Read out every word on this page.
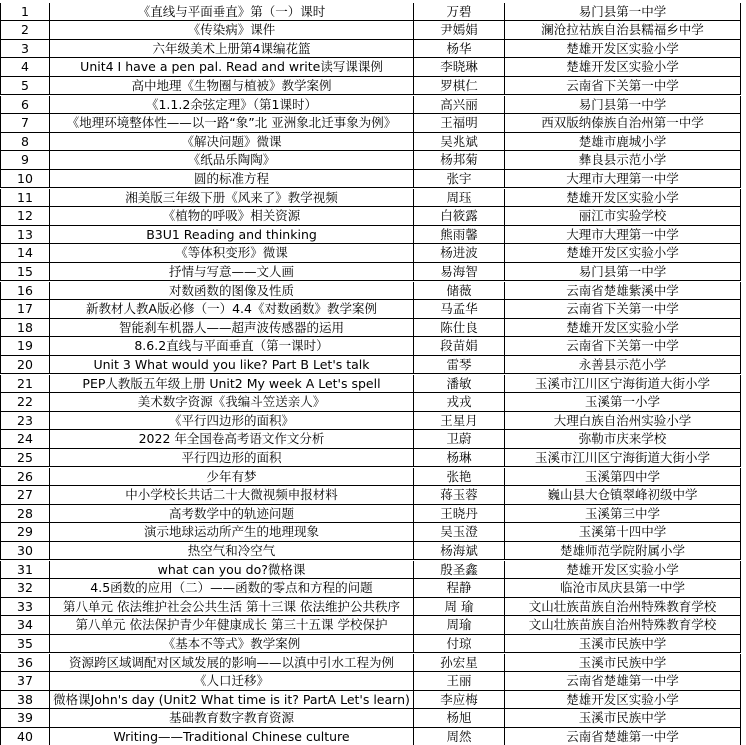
1	《直线与平面垂直》第（一）课时	万碧	易门县第一中学
2	《传染病》课件	尹嫣娟	澜沧拉祜族自治县糯福乡中学
3	六年级美术上册第4课编花篮	杨华	楚雄开发区实验小学
4	Unit4 I have a pen pal. Read and write读写课课例	李晓琳	楚雄开发区实验小学
5	高中地理《生物圈与植被》教学案例	罗棋仁	云南省下关第一中学
6	《1.1.2余弦定理》（第1课时）	高兴丽	易门县第一中学
7	《地理环境整体性——以一路“象”北 亚洲象北迁事象为例》	王福明	西双版纳傣族自治州第一中学
8	《解决问题》微课	吴兆斌	楚雄市鹿城小学
9	《纸品乐陶陶》	杨邦菊	彝良县示范小学
10	圆的标准方程	张宇	大理市大理第一中学
11	湘美版三年级下册《风来了》教学视频	周珏	楚雄开发区实验小学
12	《植物的呼吸》相关资源	白筱露	丽江市实验学校
13	B3U1 Reading and thinking	熊雨馨	大理市大理第一中学
14	《等体积变形》微课	杨进波	楚雄开发区实验小学
15	抒情与写意——文人画	易海智	易门县第一中学
16	对数函数的图像及性质	储薇	云南省楚雄紫溪中学
17	新教材人教A版必修（一）4.4《对数函数》教学案例	马孟华	云南省下关第一中学
18	智能刹车机器人——超声波传感器的运用	陈仕良	楚雄开发区实验小学
19	8.6.2直线与平面垂直（第一课时）	段苗娟	云南省下关第一中学
20	Unit 3 What would you like? Part B Let's talk	雷琴	永善县示范小学
21	PEP人教版五年级上册 Unit2 My week A Let's spell	潘敏	玉溪市江川区宁海街道大街小学
22	美术数字资源《我编斗笠送亲人》	戎戎	玉溪第一小学
23	《平行四边形的面积》	王星月	大理白族自治州实验小学
24	2022 年全国卷高考语文作文分析	卫蔚	弥勒市庆来学校
25	平行四边形的面积	杨琳	玉溪市江川区宁海街道大街小学
26	少年有梦	张艳	玉溪第四中学
27	中小学校长共话二十大微视频申报材料	蒋玉蓉	巍山县大仓镇翠峰初级中学
28	高考数学中的轨迹问题	王晓丹	玉溪第三中学
29	演示地球运动所产生的地理现象	吴玉澄	玉溪第十四中学
30	热空气和冷空气	杨海斌	楚雄师范学院附属小学
31	what can you do?微格课	殷圣鑫	楚雄开发区实验小学
32	4.5函数的应用（二）——函数的零点和方程的问题	程静	临沧市凤庆县第一中学
33	第八单元 依法维护社会公共生活 第十三课 依法维护公共秩序	周 瑜	文山壮族苗族自治州特殊教育学校
34	第八单元 依法保护青少年健康成长 第三十五课 学校保护	周瑜	文山壮族苗族自治州特殊教育学校
35	《基本不等式》教学案例	付琼	玉溪市民族中学
36	资源跨区域调配对区域发展的影响——以滇中引水工程为例	孙宏星	玉溪市民族中学
37	《人口迁移》	王丽	云南省楚雄第一中学
38	微格课John's day (Unit2 What time is it? PartA Let's learn)	李应梅	楚雄开发区实验小学
39	基础教育数字教育资源	杨旭	玉溪市民族中学
40	Writing——Traditional Chinese culture	周然	云南省楚雄第一中学
